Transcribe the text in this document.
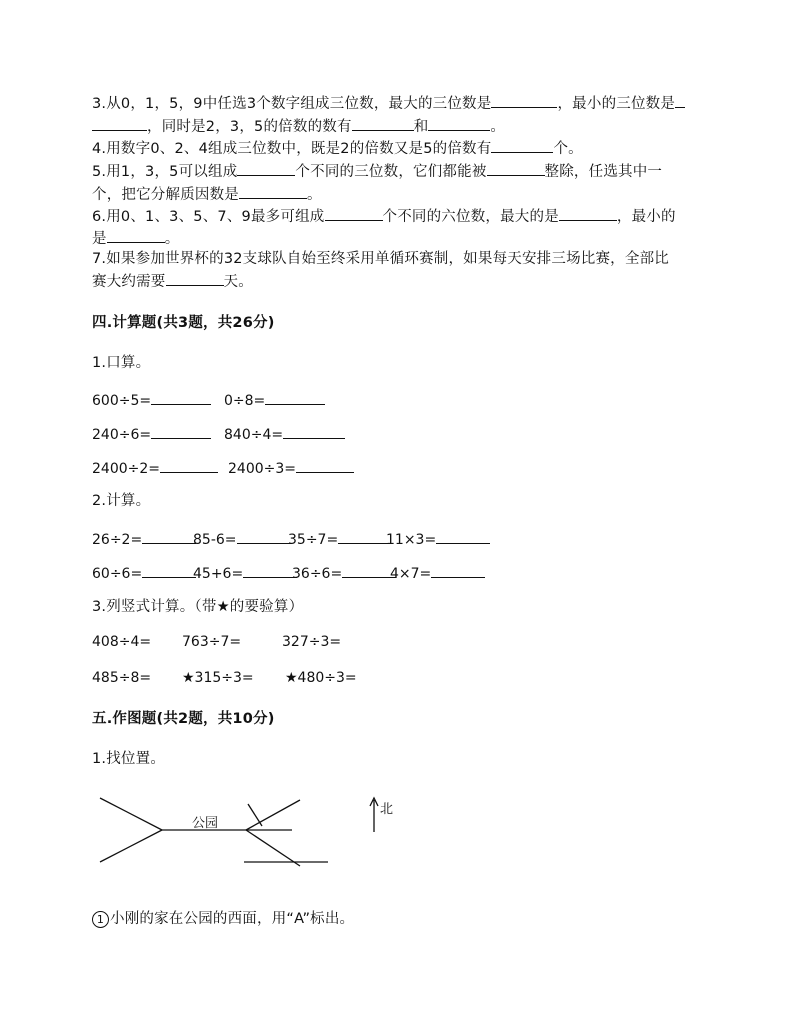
3.从0，1，5，9中任选3个数字组成三位数，最大的三位数是	，最小的三位数是
，同时是2，3，5的倍数的数有	和	。
4.用数字0、2、4组成三位数中，既是2的倍数又是5的倍数有	个。
5.用1，3，5可以组成	个不同的三位数，它们都能被	整除，任选其中一
个，把它分解质因数是	。
6.用0、1、3、5、7、9最多可组成	个不同的六位数，最大的是	，最小的
是	。
7.如果参加世界杯的32支球队自始至终采用单循环赛制，如果每天安排三场比赛，全部比
赛大约需要	天。
四.计算题(共3题，共26分)
1.口算。
600÷5=	0÷8=
240÷6=	840÷4=
2400÷2=	2400÷3=
2.计算。
26÷2=	85-6=	35÷7=	11×3=
60÷6=	45+6=	36÷6=	4×7=
3.列竖式计算。（带★的要验算）
408÷4= 763÷7=	327÷3=
485÷8= ★315÷3= ★480÷3=
五.作图题(共2题，共10分)
1.找位置。
公园
北
1 小刚的家在公园的西面，用“A”标出。
